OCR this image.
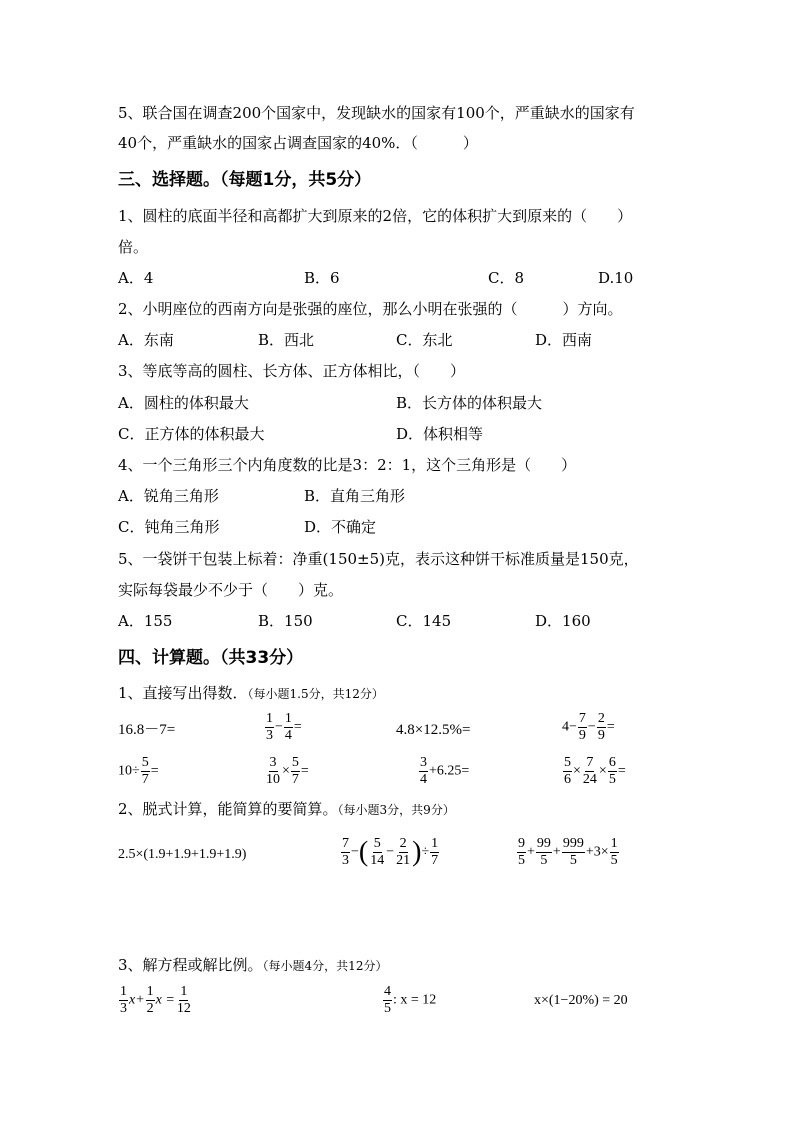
5、联合国在调查200个国家中，发现缺水的国家有100个，严重缺水的国家有
40个，严重缺水的国家占调查国家的40%．（　　　）
三、选择题。（每题1分，共5分）
1、圆柱的底面半径和高都扩大到原来的2倍，它的体积扩大到原来的（　　）
倍。
A．4	B．6	C．8	D.10
2、小明座位的西南方向是张强的座位，那么小明在张强的（　　　）方向。
A．东南	B．西北	C．东北	D．西南
3、等底等高的圆柱、长方体、正方体相比，（　　）
A．圆柱的体积最大	B．长方体的体积最大
C．正方体的体积最大	D．体积相等
4、一个三角形三个内角度数的比是3：2：1，这个三角形是（　　）
A．锐角三角形	B．直角三角形
C．钝角三角形	D．不确定
5、一袋饼干包装上标着：净重(150±5)克，表示这种饼干标准质量是150克，
实际每袋最少不少于（　　）克。
A．155	B．150	C．145	D．160
四、计算题。（共33分）
1、直接写出得数．（每小题1.5分，共12分）
16.8－7=	$\frac{1}{3} - \frac{1}{4}$ =	4.8×12.5%=	$4- \frac{7}{9} - \frac{2}{9}$ =
$10\div \frac{5}{7}$ =	$\frac{3}{10} \times \frac{5}{7}$ =	$\frac{3}{4} +6.25=$	$\frac{5}{6} \times \frac{7}{24} \times \frac{6}{5}$ =
2、脱式计算，能简算的要简算。（每小题3分，共9分）
2.5×(1.9+1.9+1.9+1.9)	$\frac{7}{3}$ −( $\frac{5}{14} - \frac{2}{21}$ )÷ $\frac{1}{7}$	$\frac{9}{5} + \frac{99}{5} + \frac{999}{5} +3\times \frac{1}{5}$
3、解方程或解比例。（每小题4分，共12分）
$\frac{1}{3} x+ \frac{1}{2}$ $x = \frac{1}{12}$	$\frac{4}{5}$ : x = 12	x×(1−20%) = 20
